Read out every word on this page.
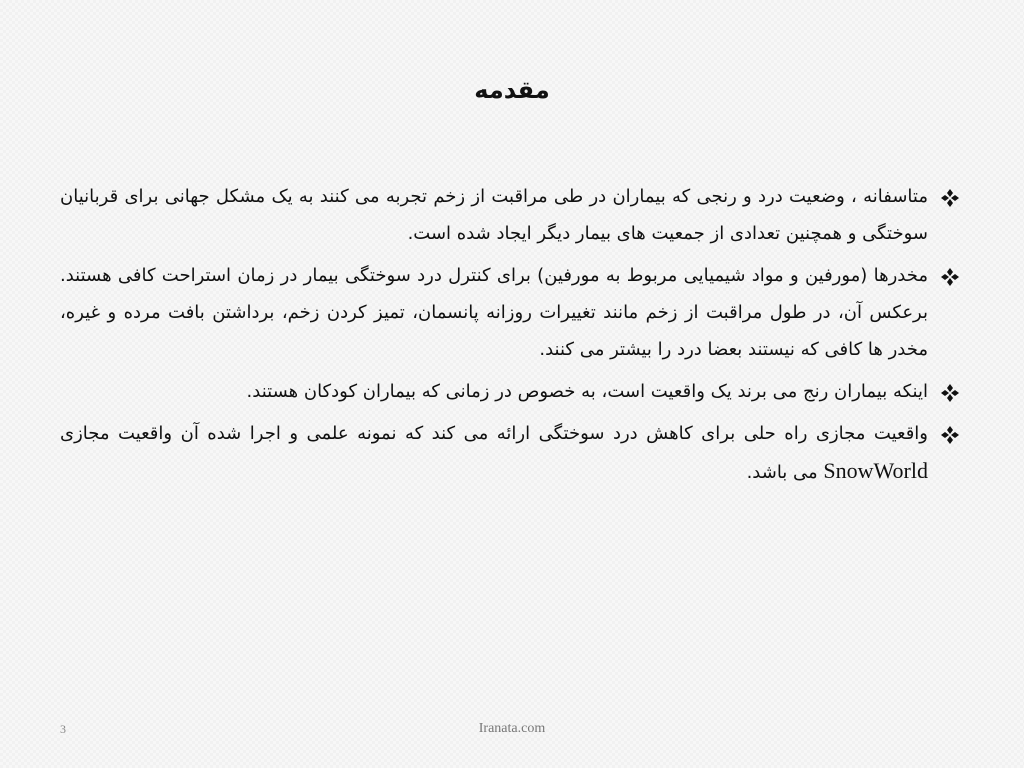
مقدمه
متاسفانه ، وضعیت درد و رنجی که بیماران در طی مراقبت از زخم تجربه می کنند به یک مشکل جهانی برای قربانیان سوختگی و همچنین تعدادی از جمعیت های بیمار دیگر ایجاد شده است.
مخدرها (مورفین و مواد شیمیایی مربوط به مورفین) برای کنترل درد سوختگی بیمار در زمان استراحت کافی هستند. برعکس آن، در طول مراقبت از زخم مانند تغییرات روزانه پانسمان، تمیز کردن زخم، برداشتن بافت مرده و غیره، مخدر ها کافی که نیستند بعضا درد را بیشتر می کنند.
اینکه بیماران رنج می برند یک واقعیت است، به خصوص در زمانی که بیماران کودکان هستند.
واقعیت مجازی راه حلی برای کاهش درد سوختگی ارائه می کند که نمونه علمی و اجرا شده آن واقعیت مجازی SnowWorld می باشد.
3	Iranata.com
